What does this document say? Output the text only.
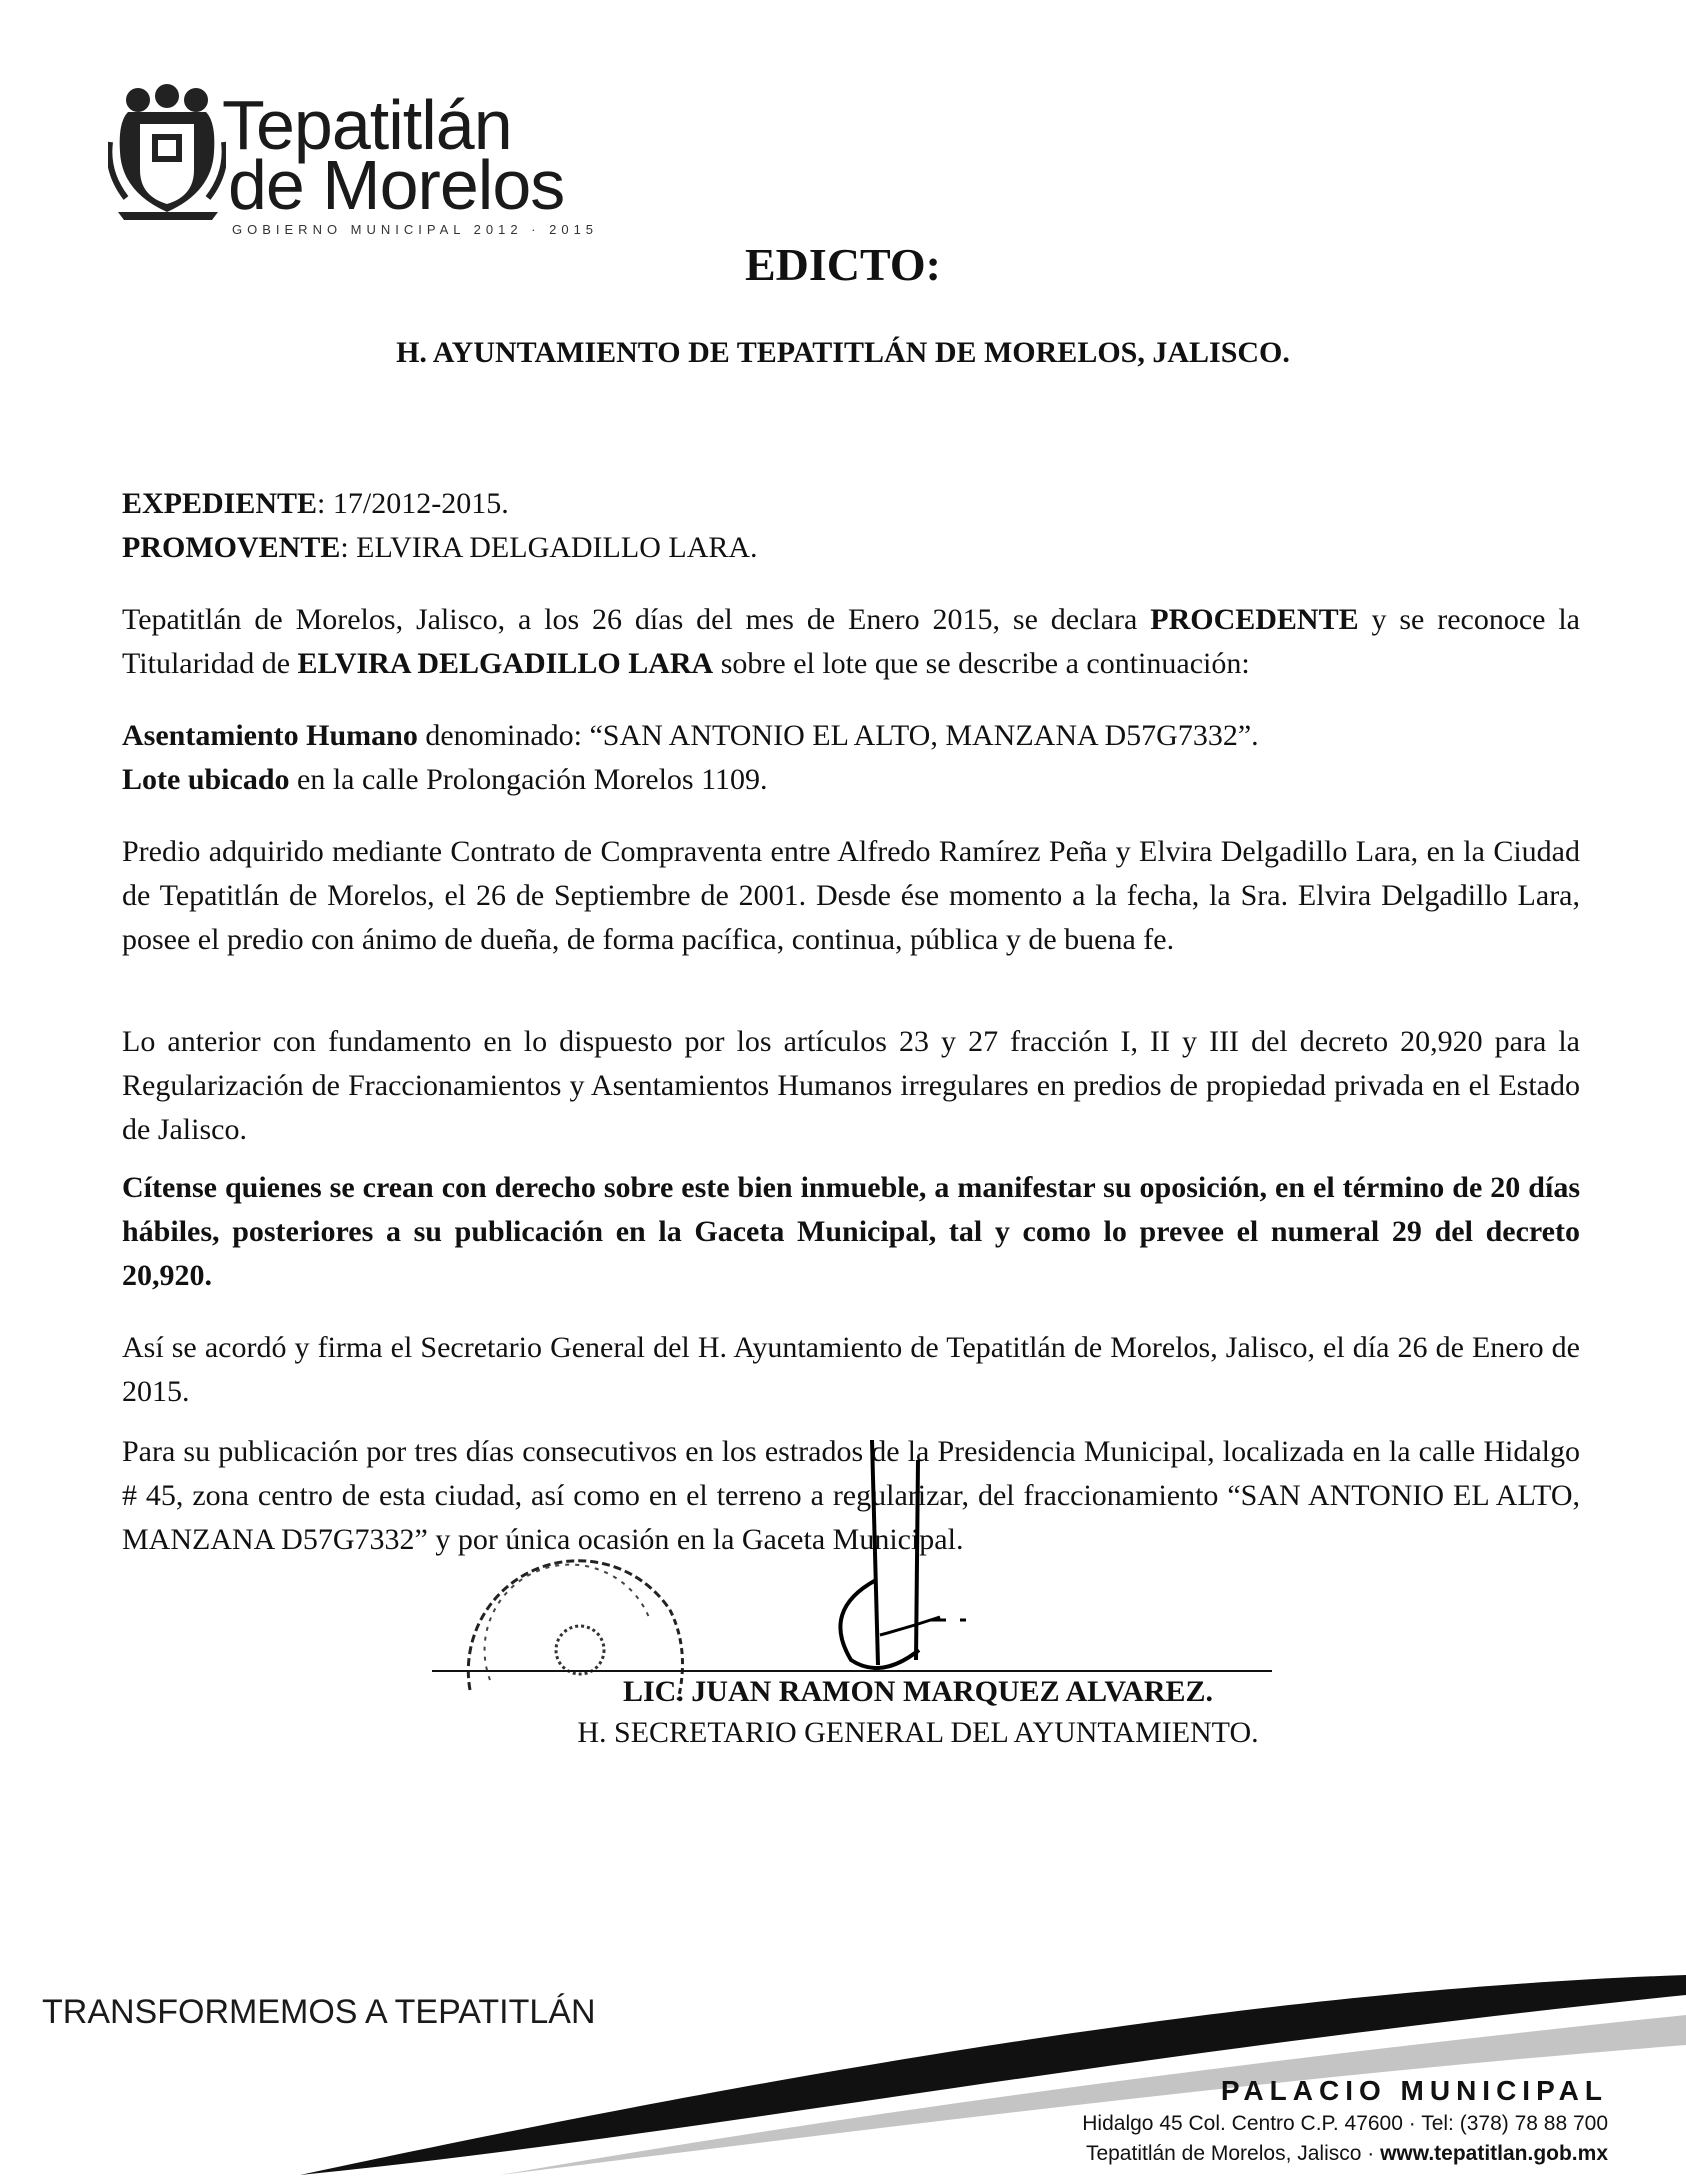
Tepatitlán
de Morelos
GOBIERNO MUNICIPAL 2012 · 2015
EDICTO:
H. AYUNTAMIENTO DE TEPATITLÁN DE MORELOS, JALISCO.
EXPEDIENTE: 17/2012-2015.
PROMOVENTE: ELVIRA DELGADILLO LARA.
Tepatitlán de Morelos, Jalisco, a los 26 días del mes de Enero 2015, se declara PROCEDENTE y se reconoce la Titularidad de ELVIRA DELGADILLO LARA sobre el lote que se describe a continuación:
Asentamiento Humano denominado: “SAN ANTONIO EL ALTO, MANZANA D57G7332”.
Lote ubicado en la calle Prolongación Morelos 1109.
Predio adquirido mediante Contrato de Compraventa entre Alfredo Ramírez Peña y Elvira Delgadillo Lara, en la Ciudad de Tepatitlán de Morelos, el 26 de Septiembre de 2001. Desde ése momento a la fecha, la Sra. Elvira Delgadillo Lara, posee el predio con ánimo de dueña, de forma pacífica, continua, pública y de buena fe.
Lo anterior con fundamento en lo dispuesto por los artículos 23 y 27 fracción I, II y III del decreto 20,920 para la Regularización de Fraccionamientos y Asentamientos Humanos irregulares en predios de propiedad privada en el Estado de Jalisco.
Cítense quienes se crean con derecho sobre este bien inmueble, a manifestar su oposición, en el término de 20 días hábiles, posteriores a su publicación en la Gaceta Municipal, tal y como lo prevee el numeral 29 del decreto 20,920.
Así se acordó y firma el Secretario General del H. Ayuntamiento de Tepatitlán de Morelos, Jalisco, el día 26 de Enero de 2015.
Para su publicación por tres días consecutivos en los estrados de la Presidencia Municipal, localizada en la calle Hidalgo # 45, zona centro de esta ciudad, así como en el terreno a regularizar, del fraccionamiento “SAN ANTONIO EL ALTO, MANZANA D57G7332” y por única ocasión en la Gaceta Municipal.
LIC. JUAN RAMON MARQUEZ ALVAREZ.
H. SECRETARIO GENERAL DEL AYUNTAMIENTO.
TRANSFORMEMOS A TEPATITLÁN
PALACIO MUNICIPAL
Hidalgo 45 Col. Centro C.P. 47600 · Tel: (378) 78 88 700
Tepatitlán de Morelos, Jalisco · www.tepatitlan.gob.mx
